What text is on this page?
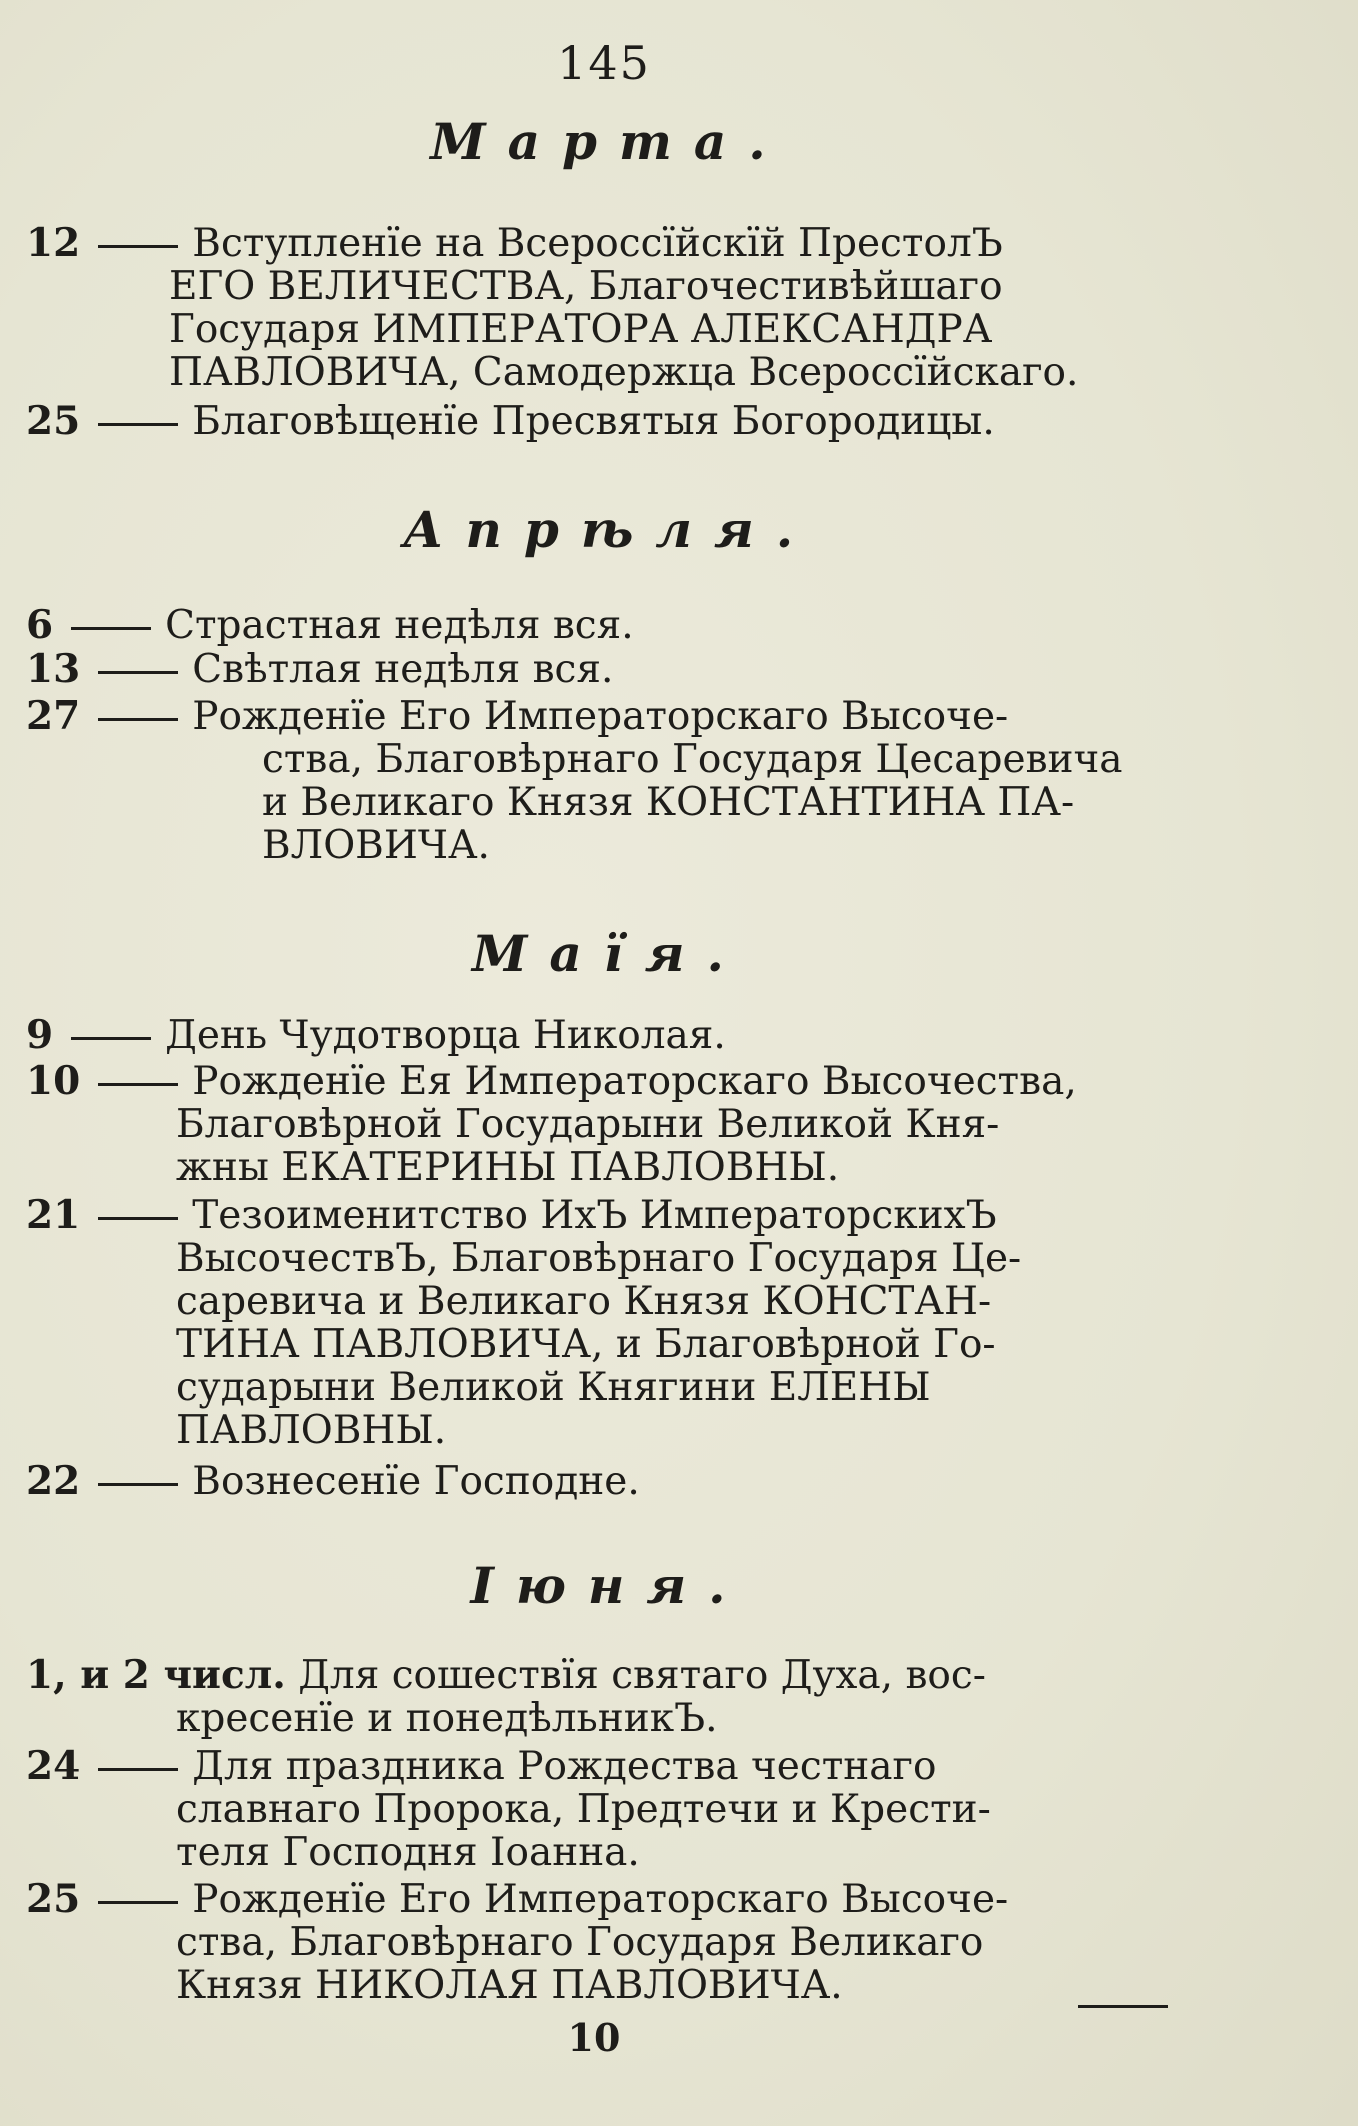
145
Марта.
12	Вступленїе на Всероссїйскїй ПрестолЪ
ЕГО ВЕЛИЧЕСТВА, Благочестивѣйшаго
Государя ИМПЕРАТОРА АЛЕКСАНДРА
ПАВЛОВИЧА, Самодержца Всероссїйскаго.
25	Благовѣщенїе Пресвятыя Богородицы.
Апрѣля.
6	Страстная недѣля вся.
13	Свѣтлая недѣля вся.
27	Рожденїе Его Императорскаго Высоче-
ства, Благовѣрнаго Государя Цесаревича
и Великаго Князя КОНСТАНТИНА ПА-
ВЛОВИЧА.
Маїя.
9	День Чудотворца Николая.
10	Рожденїе Ея Императорскаго Высочества,
Благовѣрной Государыни Великой Кня-
жны ЕКАТЕРИНЫ ПАВЛОВНЫ.
21	Тезоименитство ИхЪ ИмператорскихЪ
ВысочествЪ, Благовѣрнаго Государя Це-
саревича и Великаго Князя КОНСТАН-
ТИНА ПАВЛОВИЧА, и Благовѣрной Го-
сударыни Великой Княгини ЕЛЕНЫ
ПАВЛОВНЫ.
22	Вознесенїе Господне.
Iюня.
1, и 2 числ. Для сошествїя святаго Духа, вос-
кресенїе и понедѣльникЪ.
24	Для праздника Рождества честнаго
славнаго Пророка, Предтечи и Крести-
теля Господня Iоанна.
25	Рожденїе Его Императорскаго Высоче-
ства, Благовѣрнаго Государя Великаго
Князя НИКОЛАЯ ПАВЛОВИЧА.
10
